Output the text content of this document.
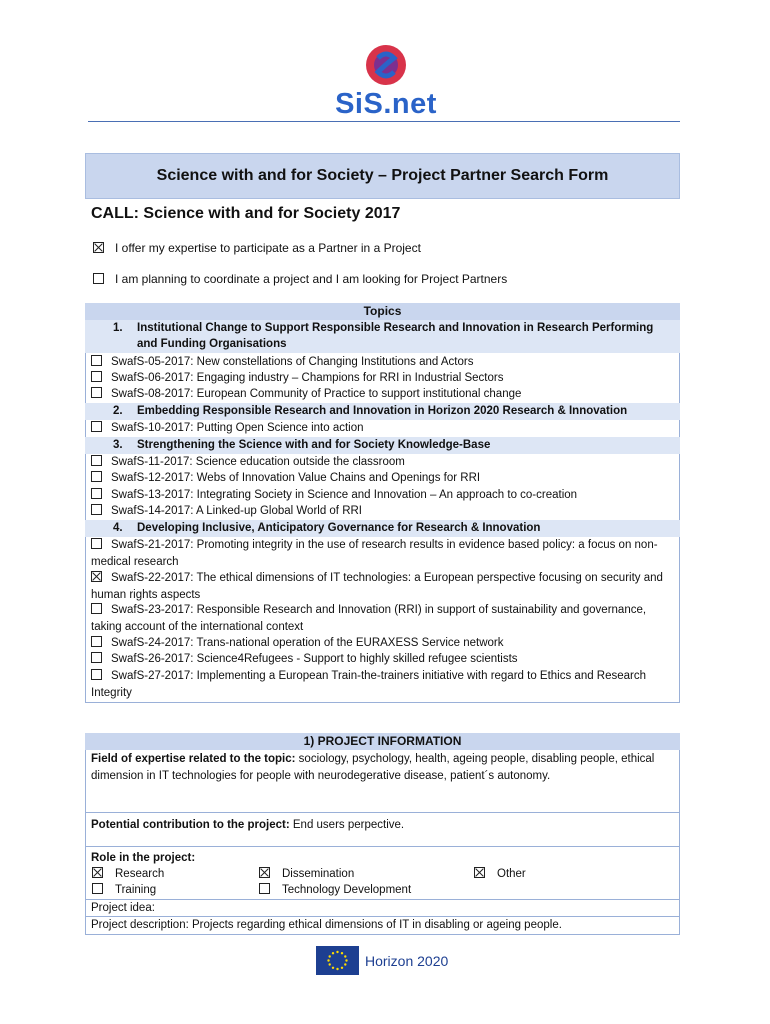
SiS.net
Science with and for Society – Project Partner Search Form
CALL: Science with and for Society 2017
I offer my expertise to participate as a Partner in a Project
I am planning to coordinate a project and I am looking for Project Partners
Topics
1. Institutional Change to Support Responsible Research and Innovation in Research Performing and Funding Organisations
SwafS-05-2017: New constellations of Changing Institutions and Actors
SwafS-06-2017: Engaging industry – Champions for RRI in Industrial Sectors
SwafS-08-2017: European Community of Practice to support institutional change
2. Embedding Responsible Research and Innovation in Horizon 2020 Research & Innovation
SwafS-10-2017: Putting Open Science into action
3. Strengthening the Science with and for Society Knowledge-Base
SwafS-11-2017: Science education outside the classroom
SwafS-12-2017: Webs of Innovation Value Chains and Openings for RRI
SwafS-13-2017: Integrating Society in Science and Innovation – An approach to co-creation
SwafS-14-2017: A Linked-up Global World of RRI
4. Developing Inclusive, Anticipatory Governance for Research & Innovation
SwafS-21-2017: Promoting integrity in the use of research results in evidence based policy: a focus on non-medical research
SwafS-22-2017: The ethical dimensions of IT technologies: a European perspective focusing on security and human rights aspects
SwafS-23-2017: Responsible Research and Innovation (RRI) in support of sustainability and governance, taking account of the international context
SwafS-24-2017: Trans-national operation of the EURAXESS Service network
SwafS-26-2017: Science4Refugees - Support to highly skilled refugee scientists
SwafS-27-2017: Implementing a European Train-the-trainers initiative with regard to Ethics and Research Integrity
1) PROJECT INFORMATION
Field of expertise related to the topic: sociology, psychology, health, ageing people, disabling people, ethical dimension in IT technologies for people with neurodegerative disease, patient´s autonomy.
Potential contribution to the project: End users perpective.
Role in the project:
Research	Dissemination	Other
Training	Technology Development
Project idea:
Project description: Projects regarding ethical dimensions of IT in disabling or ageing people.
Horizon 2020
